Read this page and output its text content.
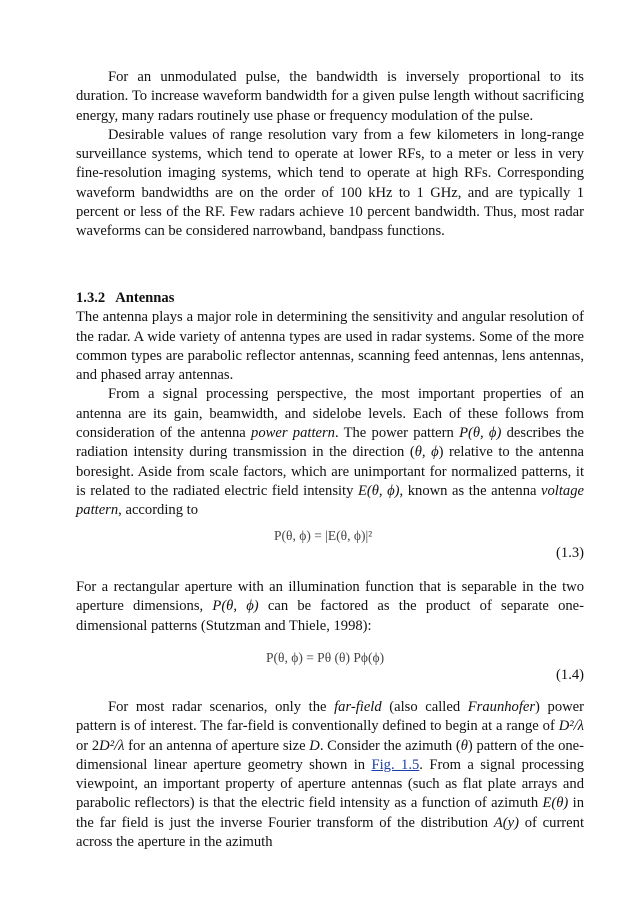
For an unmodulated pulse, the bandwidth is inversely proportional to its duration. To increase waveform bandwidth for a given pulse length without sacrificing energy, many radars routinely use phase or frequency modulation of the pulse.

Desirable values of range resolution vary from a few kilometers in long-range surveillance systems, which tend to operate at lower RFs, to a meter or less in very fine-resolution imaging systems, which tend to operate at high RFs. Corresponding waveform bandwidths are on the order of 100 kHz to 1 GHz, and are typically 1 percent or less of the RF. Few radars achieve 10 percent bandwidth. Thus, most radar waveforms can be considered narrowband, bandpass functions.

1.3.2 Antennas

The antenna plays a major role in determining the sensitivity and angular resolution of the radar. A wide variety of antenna types are used in radar systems. Some of the more common types are parabolic reflector antennas, scanning feed antennas, lens antennas, and phased array antennas.

From a signal processing perspective, the most important properties of an antenna are its gain, beamwidth, and sidelobe levels. Each of these follows from consideration of the antenna power pattern. The power pattern P(θ, ϕ) describes the radiation intensity during transmission in the direction (θ, ϕ) relative to the antenna boresight. Aside from scale factors, which are unimportant for normalized patterns, it is related to the radiated electric field intensity E(θ, ϕ), known as the antenna voltage pattern, according to

P(θ, ϕ) = |E(θ, ϕ)|²
(1.3)

For a rectangular aperture with an illumination function that is separable in the two aperture dimensions, P(θ, ϕ) can be factored as the product of separate one-dimensional patterns (Stutzman and Thiele, 1998):

P(θ, ϕ) = Pθ (θ) Pϕ(ϕ)
(1.4)

For most radar scenarios, only the far-field (also called Fraunhofer) power pattern is of interest. The far-field is conventionally defined to begin at a range of D²/λ or 2D²/λ for an antenna of aperture size D. Consider the azimuth (θ) pattern of the one-dimensional linear aperture geometry shown in Fig. 1.5. From a signal processing viewpoint, an important property of aperture antennas (such as flat plate arrays and parabolic reflectors) is that the electric field intensity as a function of azimuth E(θ) in the far field is just the inverse Fourier transform of the distribution A(y) of current across the aperture in the azimuth
